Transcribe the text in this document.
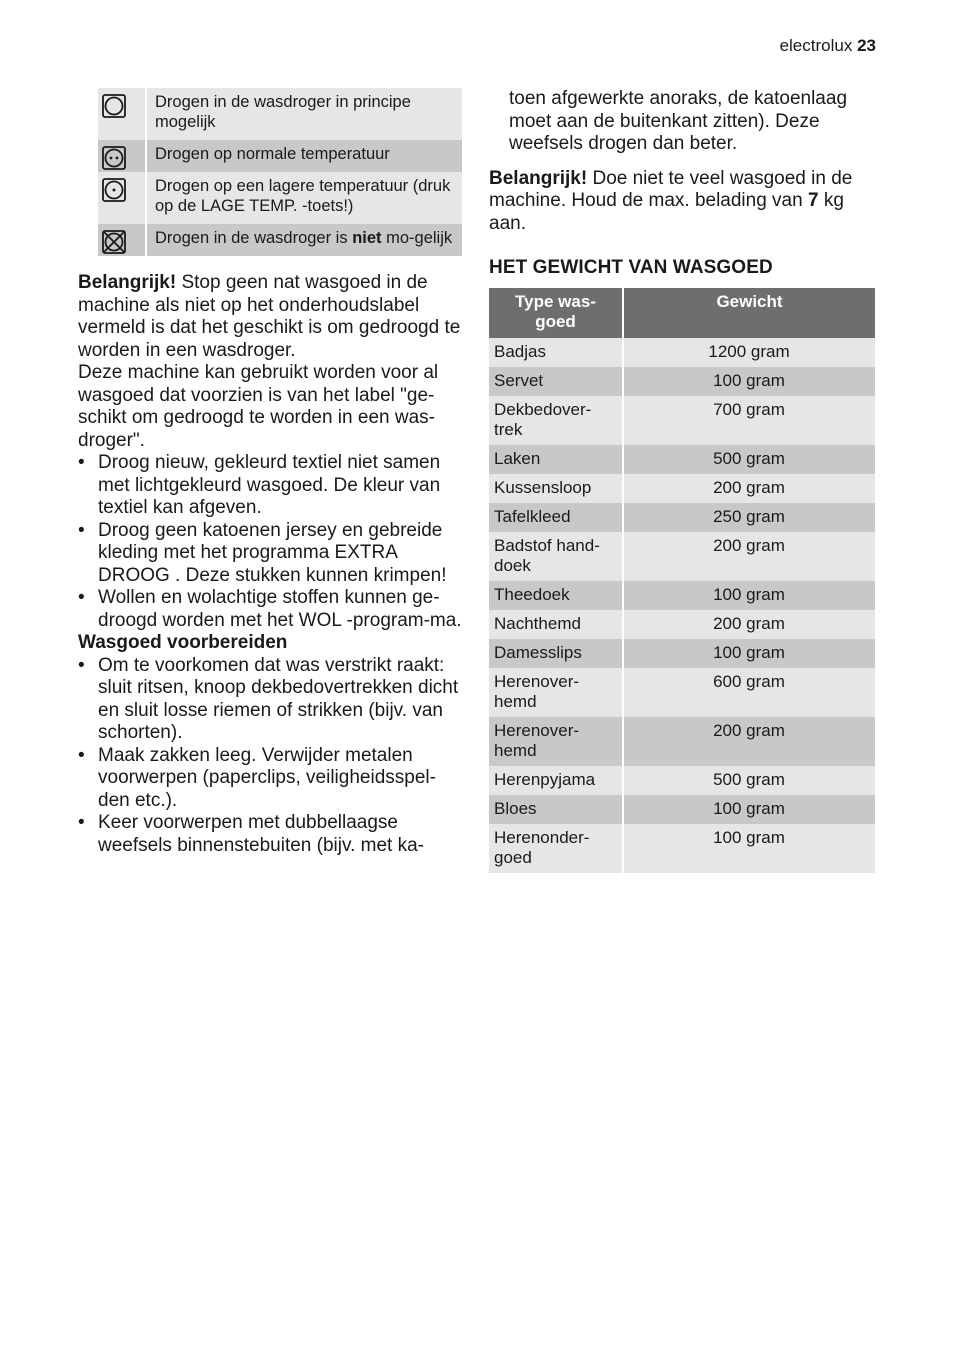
electrolux 23
	Drogen in de wasdroger in principe mogelijk

	Drogen op normale temperatuur

	Drogen op een lagere temperatuur (druk op de LAGE TEMP. -toets!)

	Drogen in de wasdroger is niet mo-gelijk

Belangrijk! Stop geen nat wasgoed in de machine als niet op het onderhoudslabel vermeld is dat het geschikt is om gedroogd te worden in een wasdroger.

Deze machine kan gebruikt worden voor al wasgoed dat voorzien is van het label "ge-schikt om gedroogd te worden in een was-droger".

• Droog nieuw, gekleurd textiel niet samen met lichtgekleurd wasgoed. De kleur van textiel kan afgeven.
• Droog geen katoenen jersey en gebreide kleding met het programma EXTRA DROOG . Deze stukken kunnen krimpen!
• Wollen en wolachtige stoffen kunnen ge-droogd worden met het WOL -program-ma.

Wasgoed voorbereiden

• Om te voorkomen dat was verstrikt raakt: sluit ritsen, knoop dekbedovertrekken dicht en sluit losse riemen of strikken (bijv. van schorten).
• Maak zakken leeg. Verwijder metalen voorwerpen (paperclips, veiligheidsspel-den etc.).
• Keer voorwerpen met dubbellaagse weefsels binnenstebuiten (bijv. met ka-

toen afgewerkte anoraks, de katoenlaag moet aan de buitenkant zitten). Deze weefsels drogen dan beter.

Belangrijk! Doe niet te veel wasgoed in de machine. Houd de max. belading van 7 kg aan.

HET GEWICHT VAN WASGOED
Type was-goed	Gewicht
Badjas	1200 gram
Servet	100 gram
Dekbedover-trek	700 gram
Laken	500 gram
Kussensloop	200 gram
Tafelkleed	250 gram
Badstof hand-doek	200 gram
Theedoek	100 gram
Nachthemd	200 gram
Damesslips	100 gram
Herenover-hemd	600 gram
Herenover-hemd	200 gram
Herenpyjama	500 gram
Bloes	100 gram
Herenonder-goed	100 gram
